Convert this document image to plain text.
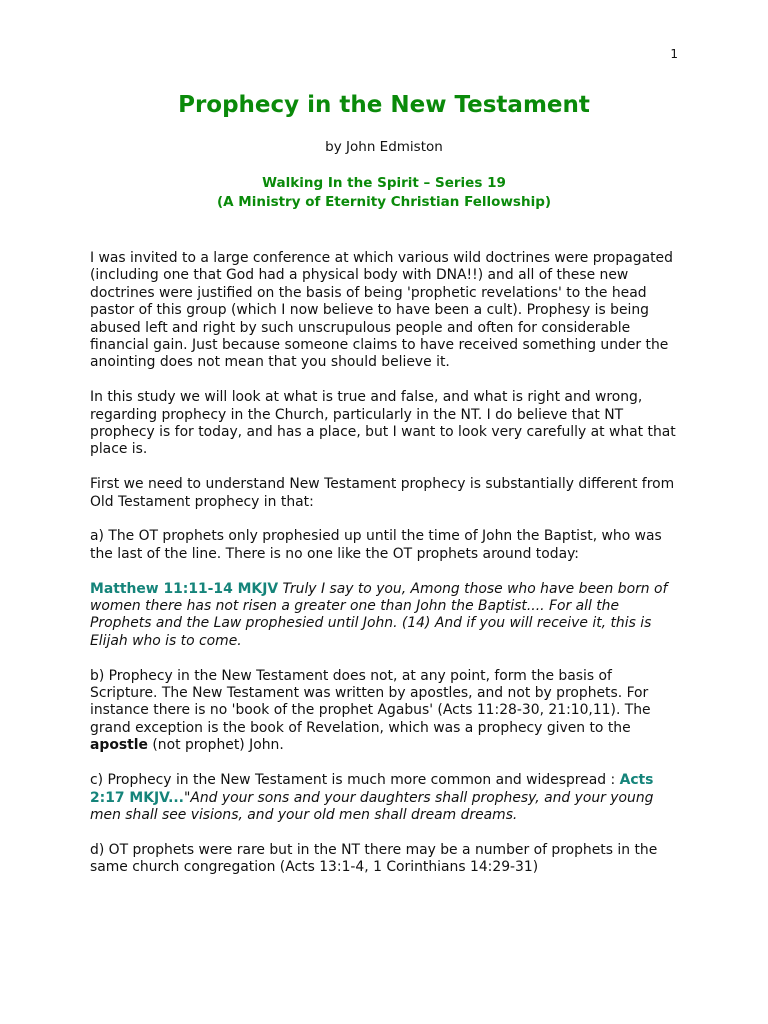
1
Prophecy in the New Testament
by John Edmiston
Walking In the Spirit – Series 19
(A Ministry of Eternity Christian Fellowship)

I was invited to a large conference at which various wild doctrines were propagated (including one that God had a physical body with DNA!!) and all of these new doctrines were justified on the basis of being 'prophetic revelations' to the head pastor of this group (which I now believe to have been a cult). Prophesy is being abused left and right by such unscrupulous people and often for considerable financial gain. Just because someone claims to have received something under the anointing does not mean that you should believe it.

In this study we will look at what is true and false, and what is right and wrong, regarding prophecy in the Church, particularly in the NT. I do believe that NT prophecy is for today, and has a place, but I want to look very carefully at what that place is.

First we need to understand New Testament prophecy is substantially different from Old Testament prophecy in that:

a) The OT prophets only prophesied up until the time of John the Baptist, who was the last of the line. There is no one like the OT prophets around today:

Matthew 11:11-14 MKJV Truly I say to you, Among those who have been born of women there has not risen a greater one than John the Baptist.... For all the Prophets and the Law prophesied until John. (14) And if you will receive it, this is Elijah who is to come.

b) Prophecy in the New Testament does not, at any point, form the basis of Scripture. The New Testament was written by apostles, and not by prophets. For instance there is no 'book of the prophet Agabus' (Acts 11:28-30, 21:10,11). The grand exception is the book of Revelation, which was a prophecy given to the apostle (not prophet) John.

c) Prophecy in the New Testament is much more common and widespread : Acts 2:17 MKJV..."And your sons and your daughters shall prophesy, and your young men shall see visions, and your old men shall dream dreams.

d) OT prophets were rare but in the NT there may be a number of prophets in the same church congregation (Acts 13:1-4, 1 Corinthians 14:29-31)
